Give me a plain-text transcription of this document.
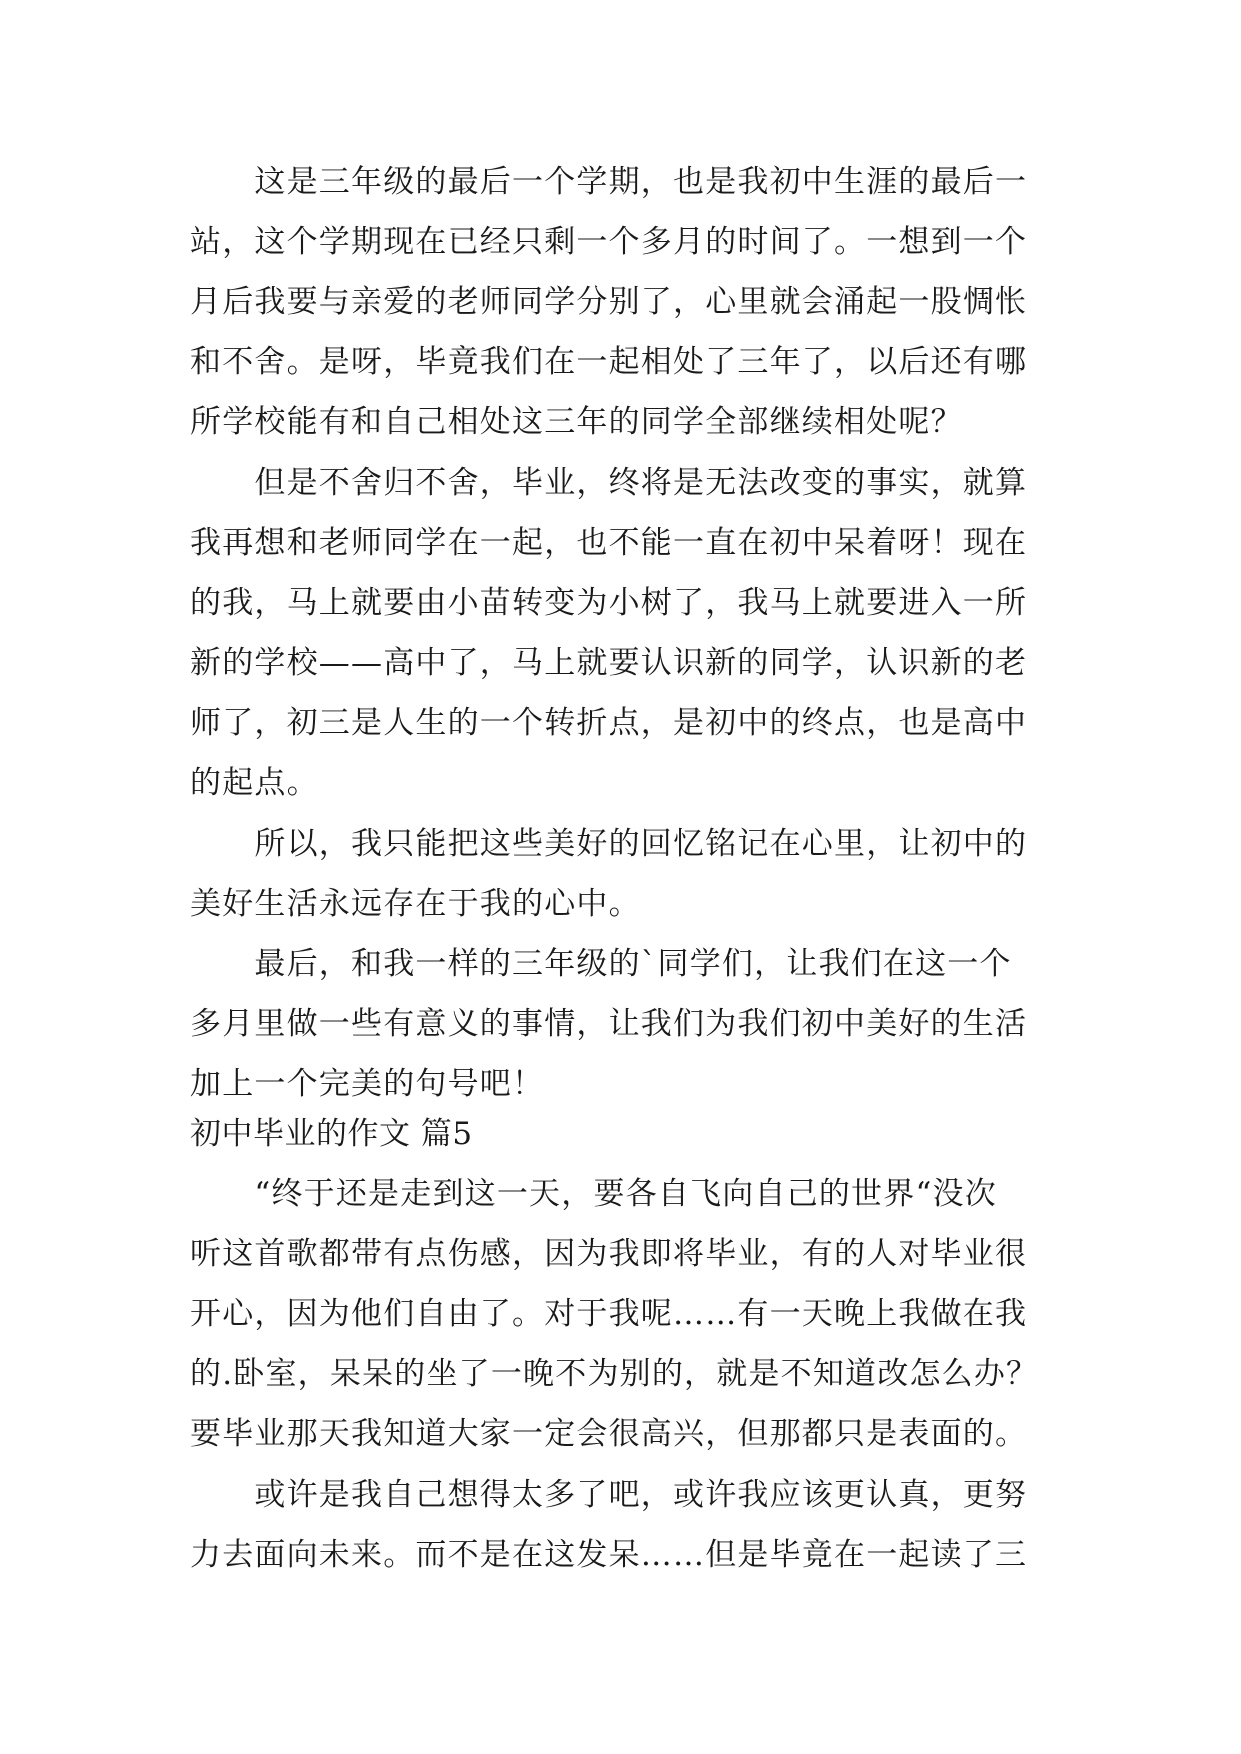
　　这是三年级的最后一个学期，也是我初中生涯的最后一
站，这个学期现在已经只剩一个多月的时间了。一想到一个
月后我要与亲爱的老师同学分别了，心里就会涌起一股惆怅
和不舍。是呀，毕竟我们在一起相处了三年了，以后还有哪
所学校能有和自己相处这三年的同学全部继续相处呢？
　　但是不舍归不舍，毕业，终将是无法改变的事实，就算
我再想和老师同学在一起，也不能一直在初中呆着呀！现在
的我，马上就要由小苗转变为小树了，我马上就要进入一所
新的学校——高中了，马上就要认识新的同学，认识新的老
师了，初三是人生的一个转折点，是初中的终点，也是高中
的起点。
　　所以，我只能把这些美好的回忆铭记在心里，让初中的
美好生活永远存在于我的心中。
　　最后，和我一样的三年级的`同学们，让我们在这一个
多月里做一些有意义的事情，让我们为我们初中美好的生活
加上一个完美的句号吧！
初中毕业的作文 篇5
　　“终于还是走到这一天，要各自飞向自己的世界“没次
听这首歌都带有点伤感，因为我即将毕业，有的人对毕业很
开心，因为他们自由了。对于我呢……有一天晚上我做在我
的.卧室，呆呆的坐了一晚不为别的，就是不知道改怎么办？
要毕业那天我知道大家一定会很高兴，但那都只是表面的。
　　或许是我自己想得太多了吧，或许我应该更认真，更努
力去面向未来。而不是在这发呆……但是毕竟在一起读了三
